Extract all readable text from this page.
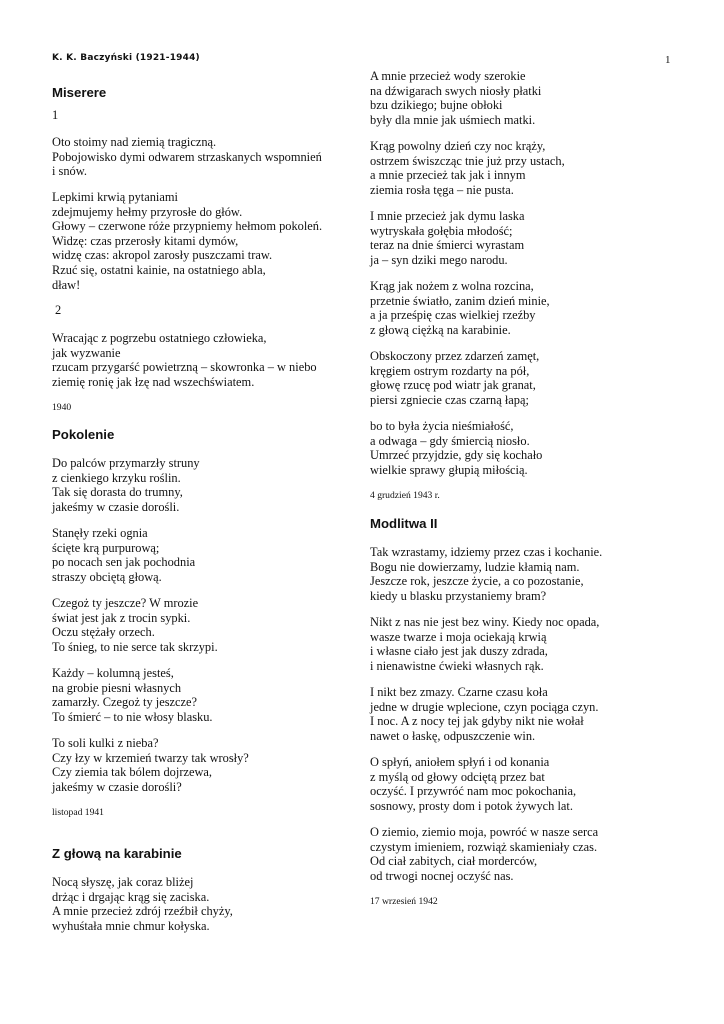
K. K. Baczyński (1921-1944)	1
Miserere
1
Oto stoimy nad ziemią tragiczną.
Pobojowisko dymi odwarem strzaskanych wspomnień
i snów.
Lepkimi krwią pytaniami
zdejmujemy hełmy przyrosłe do głów.
Głowy – czerwone róże przypniemy hełmom pokoleń.
Widzę: czas przerosły kitami dymów,
widzę czas: akropol zarosły puszczami traw.
Rzuć się, ostatni kainie, na ostatniego abla,
dław!
2
Wracając z pogrzebu ostatniego człowieka,
jak wyzwanie
rzucam przygarść powietrzną – skowronka – w niebo
ziemię ronię jak łzę nad wszechświatem.
1940
Pokolenie
Do palców przymarzły struny
z cienkiego krzyku roślin.
Tak się dorasta do trumny,
jakeśmy w czasie dorośli.
Stanęły rzeki ognia
ścięte krą purpurową;
po nocach sen jak pochodnia
straszy obciętą głową.
Czegoż ty jeszcze? W mrozie
świat jest jak z trocin sypki.
Oczu stężały orzech.
To śnieg, to nie serce tak skrzypi.
Każdy – kolumną jesteś,
na grobie piesni własnych
zamarzły. Czegoż ty jeszcze?
To śmierć – to nie włosy blasku.
To soli kulki z nieba?
Czy łzy w krzemień twarzy tak wrosły?
Czy ziemia tak bólem dojrzewa,
jakeśmy w czasie dorośli?
listopad 1941
Z głową na karabinie
Nocą słyszę, jak coraz bliżej
drżąc i drgając krąg się zaciska.
A mnie przecież zdrój rzeźbił chyży,
wyhuśtała mnie chmur kołyska.
A mnie przecież wody szerokie
na dźwigarach swych niosły płatki
bzu dzikiego; bujne obłoki
były dla mnie jak uśmiech matki.
Krąg powolny dzień czy noc krąży,
ostrzem świszcząc tnie już przy ustach,
a mnie przecież tak jak i innym
ziemia rosła tęga – nie pusta.
I mnie przecież jak dymu laska
wytryskała gołębia młodość;
teraz na dnie śmierci wyrastam
ja – syn dziki mego narodu.
Krąg jak nożem z wolna rozcina,
przetnie światło, zanim dzień minie,
a ja prześpię czas wielkiej rzeźby
z głową ciężką na karabinie.
Obskoczony przez zdarzeń zamęt,
kręgiem ostrym rozdarty na pół,
głowę rzucę pod wiatr jak granat,
piersi zgniecie czas czarną łapą;
bo to była życia nieśmiałość,
a odwaga – gdy śmiercią niosło.
Umrzeć przyjdzie, gdy się kochało
wielkie sprawy głupią miłością.
4 grudzień 1943 r.
Modlitwa II
Tak wzrastamy, idziemy przez czas i kochanie.
Bogu nie dowierzamy, ludzie kłamią nam.
Jeszcze rok, jeszcze życie, a co pozostanie,
kiedy u blasku przystaniemy bram?
Nikt z nas nie jest bez winy. Kiedy noc opada,
wasze twarze i moja ociekają krwią
i własne ciało jest jak duszy zdrada,
i nienawistne ćwieki własnych rąk.
I nikt bez zmazy. Czarne czasu koła
jedne w drugie wplecione, czyn pociąga czyn.
I noc. A z nocy tej jak gdyby nikt nie wołał
nawet o łaskę, odpuszczenie win.
O spłyń, aniołem spłyń i od konania
z myślą od głowy odciętą przez bat
oczyść. I przywróć nam moc pokochania,
sosnowy, prosty dom i potok żywych lat.
O ziemio, ziemio moja, powróć w nasze serca
czystym imieniem, rozwiąż skamieniały czas.
Od ciał zabitych, ciał morderców,
od trwogi nocnej oczyść nas.
17 wrzesień 1942
